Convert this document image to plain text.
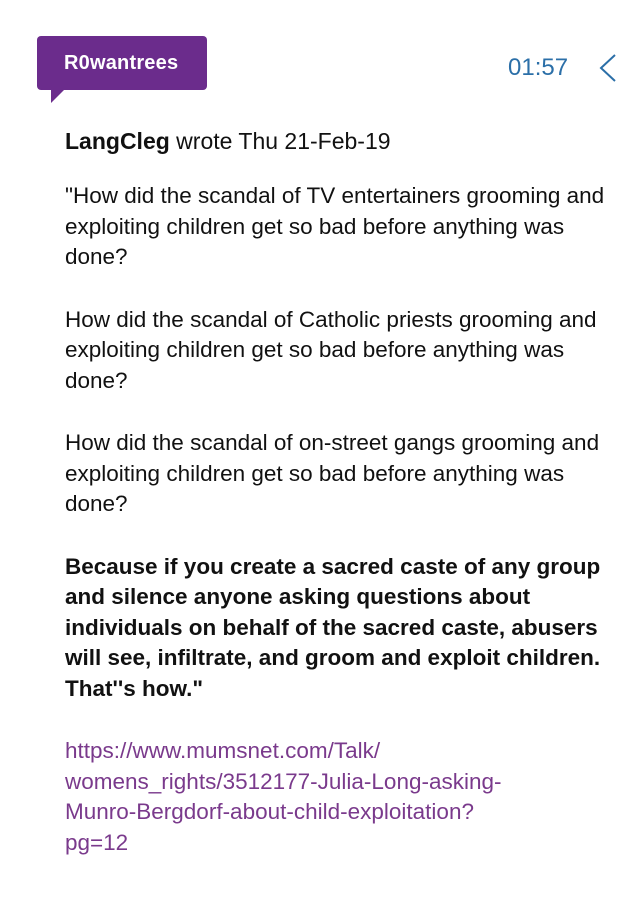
R0wantrees	01:57

LangCleg wrote Thu 21-Feb-19

"How did the scandal of TV entertainers grooming and exploiting children get so bad before anything was done?

How did the scandal of Catholic priests grooming and exploiting children get so bad before anything was done?

How did the scandal of on-street gangs grooming and exploiting children get so bad before anything was done?

Because if you create a sacred caste of any group and silence anyone asking questions about individuals on behalf of the sacred caste, abusers will see, infiltrate, and groom and exploit children. That''s how."

https://www.mumsnet.com/Talk/
womens_rights/3512177-Julia-Long-asking-
Munro-Bergdorf-about-child-exploitation?
pg=12
